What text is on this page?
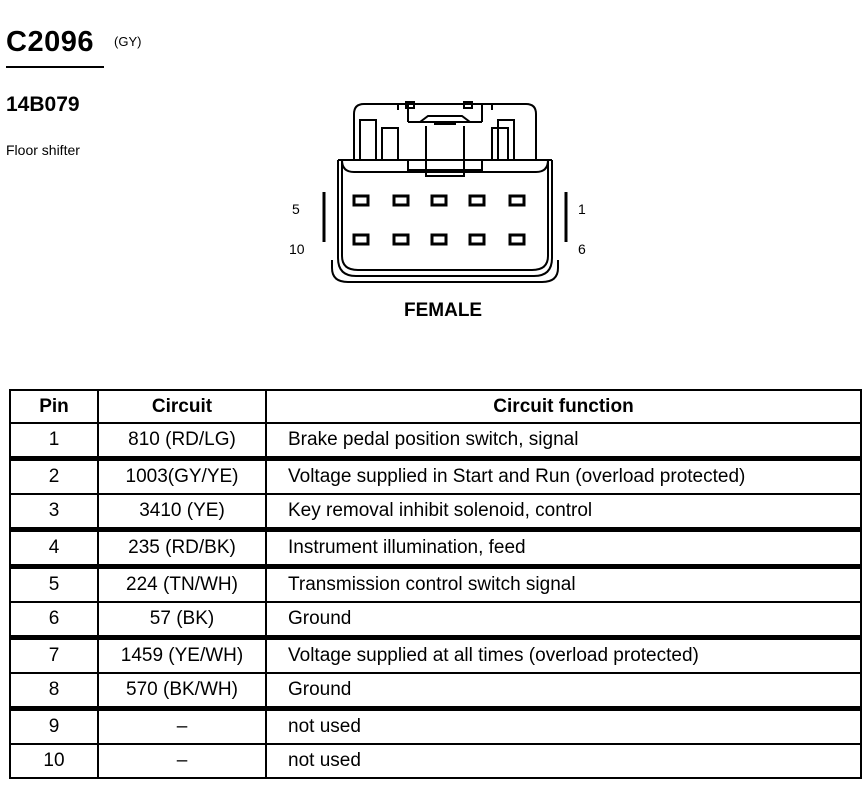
C2096 (GY)
14B079
Floor shifter
5	1
10	6
FEMALE
Pin	Circuit	Circuit function
1	810 (RD/LG)	Brake pedal position switch, signal
2	1003(GY/YE)	Voltage supplied in Start and Run (overload protected)
3	3410 (YE)	Key removal inhibit solenoid, control
4	235 (RD/BK)	Instrument illumination, feed
5	224 (TN/WH)	Transmission control switch signal
6	57 (BK)	Ground
7	1459 (YE/WH)	Voltage supplied at all times (overload protected)
8	570 (BK/WH)	Ground
9	–	not used
10	–	not used
